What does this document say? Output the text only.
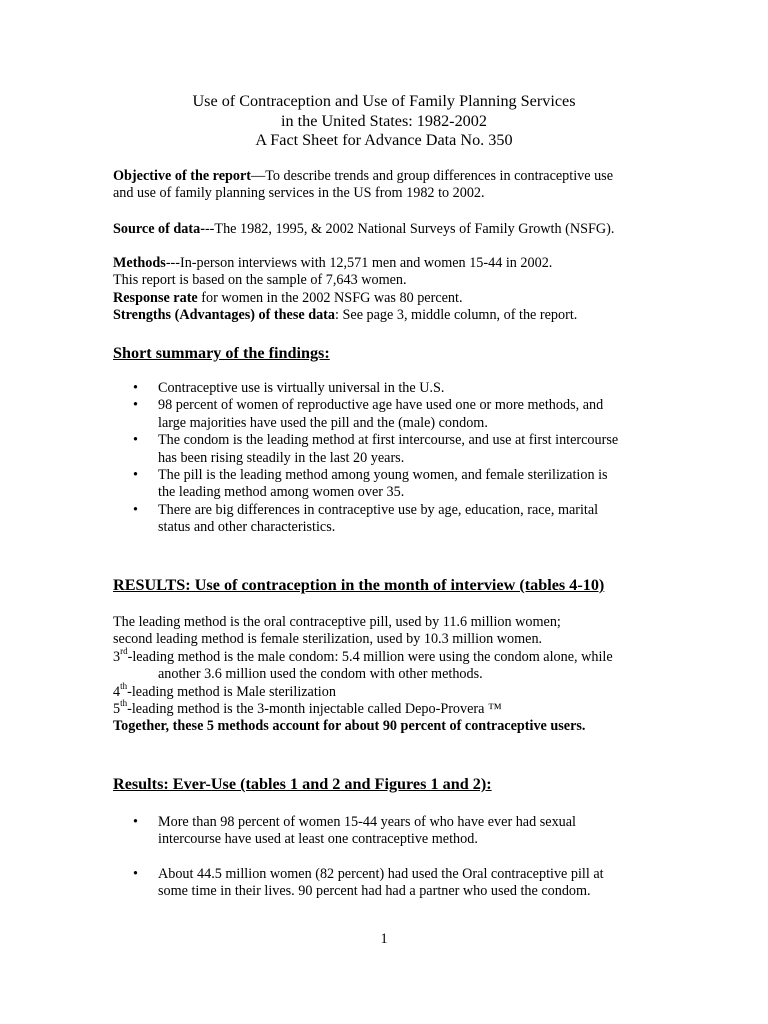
Use of Contraception and Use of Family Planning Services
in the United States: 1982-2002
A Fact Sheet for Advance Data No. 350
Objective of the report—To describe trends and group differences in contraceptive use
and use of family planning services in the US from 1982 to 2002.
Source of data---The 1982, 1995, & 2002 National Surveys of Family Growth (NSFG).
Methods---In-person interviews with 12,571 men and women 15-44 in 2002.
This report is based on the sample of 7,643 women.
Response rate for women in the 2002 NSFG was 80 percent.
Strengths (Advantages) of these data: See page 3, middle column, of the report.
Short summary of the findings:
• Contraceptive use is virtually universal in the U.S.
• 98 percent of women of reproductive age have used one or more methods, and
large majorities have used the pill and the (male) condom.
• The condom is the leading method at first intercourse, and use at first intercourse
has been rising steadily in the last 20 years.
• The pill is the leading method among young women, and female sterilization is
the leading method among women over 35.
• There are big differences in contraceptive use by age, education, race, marital
status and other characteristics.
RESULTS: Use of contraception in the month of interview (tables 4-10)
The leading method is the oral contraceptive pill, used by 11.6 million women;
second leading method is female sterilization, used by 10.3 million women.
3rd-leading method is the male condom: 5.4 million were using the condom alone, while
another 3.6 million used the condom with other methods.
4th-leading method is Male sterilization
5th-leading method is the 3-month injectable called Depo-Provera ™
Together, these 5 methods account for about 90 percent of contraceptive users.
Results: Ever-Use (tables 1 and 2 and Figures 1 and 2):
• More than 98 percent of women 15-44 years of who have ever had sexual
intercourse have used at least one contraceptive method.
• About 44.5 million women (82 percent) had used the Oral contraceptive pill at
some time in their lives. 90 percent had had a partner who used the condom.
1
